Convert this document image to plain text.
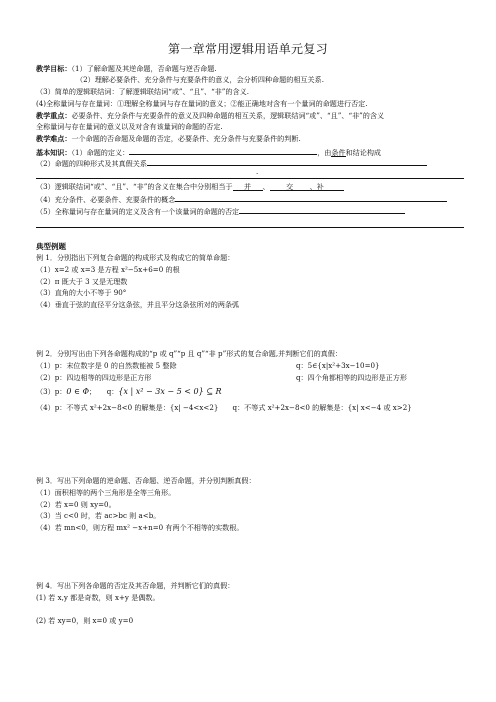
第一章常用逻辑用语单元复习
教学目标：（1）了解命题及其逆命题，否命题与逆否命题.
（2）理解必要条件、充分条件与充要条件的意义，会分析四种命题的相互关系.
（3）简单的逻辑联结词：了解逻辑联结词“或”、“且”、“非”的含义.
(4)全称量词与存在量词：①理解全称量词与存在量词的意义；②能正确地对含有一个量词的命题进行否定.
教学重点：必要条件、充分条件与充要条件的意义及四种命题的相互关系，逻辑联结词“或”、“且”、“非”的含义
全称量词与存在量词的意义以及对含有该量词的命题的否定.
教学难点：一个命题的否命题及命题的否定，必要条件、充分条件与充要条件的判断.
基本知识：（1）命题的定义：	，由条件和结论构成
（2）命题的四种形式及其真假关系
.
（3）逻辑联结词“或”、“且”、“非”的含义在集合中分别相当于 并 、 交 、补
（4）充分条件、必要条件、充要条件的概念
（5）全称量词与存在量词的定义及含有一个该量词的命题的否定
典型例题
例 1．分别指出下列复合命题的构成形式及构成它的简单命题：
（1）x=2 或 x=3 是方程 x²−5x+6=0 的根
（2）π 既大于 3 又是无理数
（3）直角的大小不等于 90°
（4）垂直于弦的直径平分这条弦，并且平分这条弦所对的两条弧
例 2．分别写出由下列各命题构成的“p 或 q”“p 且 q”“非 p”形式的复合命题,并判断它们的真假：
（1）p：末位数字是 0 的自然数能被 5 整除	q：5∈{x|x²+3x−10=0}
（2）p：四边相等的四边形是正方形	q：四个角都相等的四边形是正方形
（3）p：0 ∈ Φ；　　q：{x | x² − 3x − 5 < 0} ⊆ R
（4）p：不等式 x²+2x−8<0 的解集是：{x| −4<x<2}　　q：不等式 x²+2x−8<0 的解集是：{x| x<−4 或 x>2}
例 3．写出下列命题的逆命题、否命题、逆否命题，并分别判断真假：
（1）面积相等的两个三角形是全等三角形。
（2）若 x=0 则 xy=0。
（3）当 c<0 时，若 ac>bc 则 a<b。
（4）若 mn<0，则方程 mx² −x+n=0 有两个不相等的实数根。
例 4．写出下列各命题的否定及其否命题，并判断它们的真假：
(1) 若 x,y 都是奇数，则 x+y 是偶数。
(2) 若 xy=0，则 x=0 或 y=0
